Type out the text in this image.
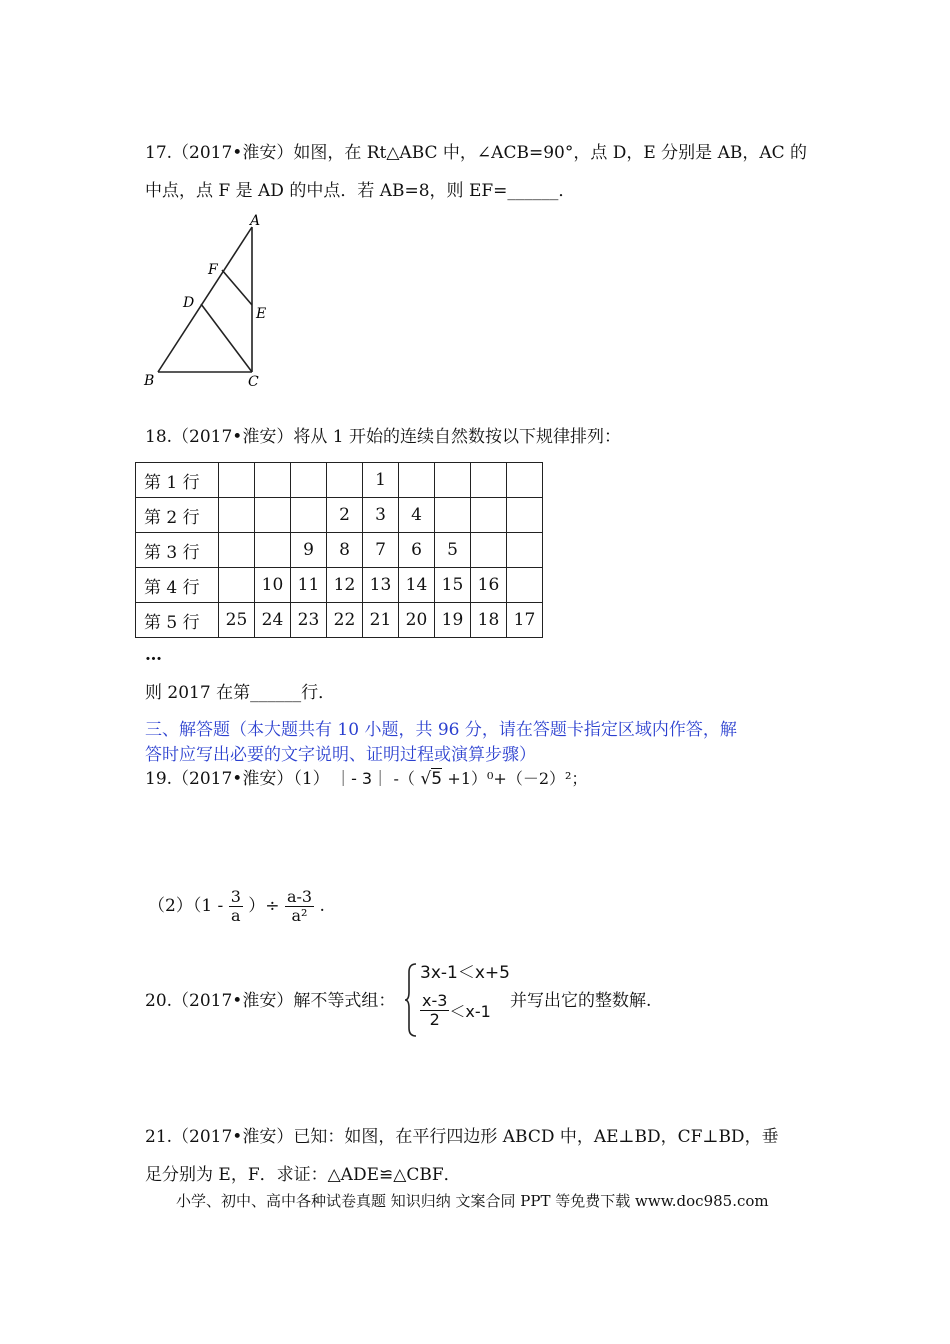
17.（2017•淮安）如图，在 Rt△ABC 中，∠ACB=90°，点 D，E 分别是 AB，AC 的
中点，点 F 是 AD 的中点．若 AB=8，则 EF=______．
A
B	C
D
E
F
18.（2017•淮安）将从 1 开始的连续自然数按以下规律排列：
第 1 行					1				
第 2 行				2	3	4			
第 3 行			9	8	7	6	5		
第 4 行		10	11	12	13	14	15	16	
第 5 行	25	24	23	22	21	20	19	18	17
…
则 2017 在第______行．
三、解答题（本大题共有 10 小题，共 96 分，请在答题卡指定区域内作答，解
答时应写出必要的文字说明、证明过程或演算步骤）
19.（2017•淮安）（1） ｜- 3｜ -（ √5 +1）⁰+（－2）²；
$(2)(1 - \frac{3}{a}$ ）÷ $\frac{a-3}{\text{a²}}$ .
20.（2017•淮安）解不等式组：
3x-1＜x+5
$\frac{x-3}{2} <x-1$
并写出它的整数解.
21.（2017•淮安）已知：如图，在平行四边形 ABCD 中，AE⊥BD，CF⊥BD，垂
足分别为 E，F．求证：△ADE≌△CBF．
小学、初中、高中各种试卷真题 知识归纳 文案合同 PPT 等免费下载 www.doc985.com
